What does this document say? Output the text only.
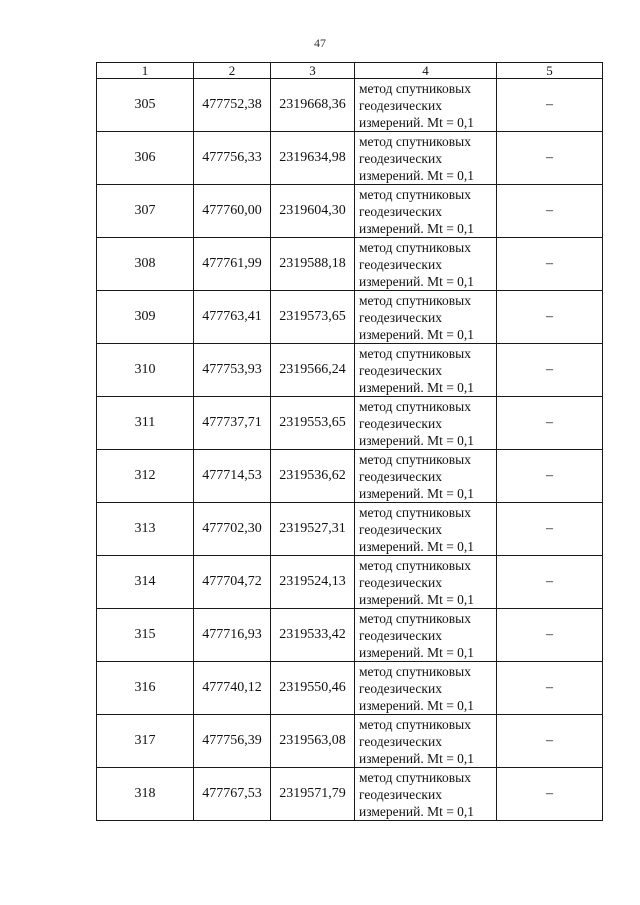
47
1	2	3	4	5
305	477752,38	2319668,36	метод спутниковых
геодезических
измерений. Mt = 0,1	–
306	477756,33	2319634,98	метод спутниковых
геодезических
измерений. Mt = 0,1	–
307	477760,00	2319604,30	метод спутниковых
геодезических
измерений. Mt = 0,1	–
308	477761,99	2319588,18	метод спутниковых
геодезических
измерений. Mt = 0,1	–
309	477763,41	2319573,65	метод спутниковых
геодезических
измерений. Mt = 0,1	–
310	477753,93	2319566,24	метод спутниковых
геодезических
измерений. Mt = 0,1	–
311	477737,71	2319553,65	метод спутниковых
геодезических
измерений. Mt = 0,1	–
312	477714,53	2319536,62	метод спутниковых
геодезических
измерений. Mt = 0,1	–
313	477702,30	2319527,31	метод спутниковых
геодезических
измерений. Mt = 0,1	–
314	477704,72	2319524,13	метод спутниковых
геодезических
измерений. Mt = 0,1	–
315	477716,93	2319533,42	метод спутниковых
геодезических
измерений. Mt = 0,1	–
316	477740,12	2319550,46	метод спутниковых
геодезических
измерений. Mt = 0,1	–
317	477756,39	2319563,08	метод спутниковых
геодезических
измерений. Mt = 0,1	–
318	477767,53	2319571,79	метод спутниковых
геодезических
измерений. Mt = 0,1	–
